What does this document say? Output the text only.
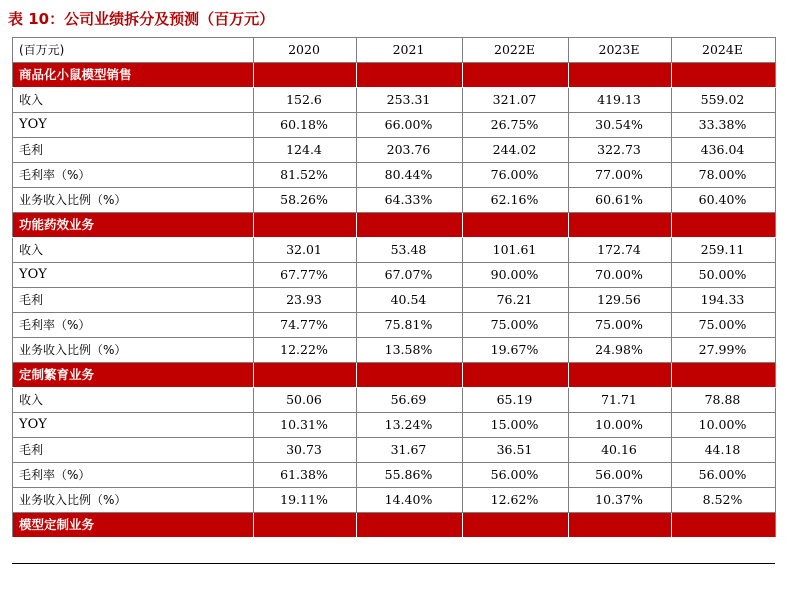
表 10：公司业绩拆分及预测（百万元）
(百万元)	2020	2021	2022E	2023E	2024E
商品化小鼠模型销售					
收入	152.6	253.31	321.07	419.13	559.02
YOY	60.18%	66.00%	26.75%	30.54%	33.38%
毛利	124.4	203.76	244.02	322.73	436.04
毛利率（%）	81.52%	80.44%	76.00%	77.00%	78.00%
业务收入比例（%）	58.26%	64.33%	62.16%	60.61%	60.40%
功能药效业务					
收入	32.01	53.48	101.61	172.74	259.11
YOY	67.77%	67.07%	90.00%	70.00%	50.00%
毛利	23.93	40.54	76.21	129.56	194.33
毛利率（%）	74.77%	75.81%	75.00%	75.00%	75.00%
业务收入比例（%）	12.22%	13.58%	19.67%	24.98%	27.99%
定制繁育业务					
收入	50.06	56.69	65.19	71.71	78.88
YOY	10.31%	13.24%	15.00%	10.00%	10.00%
毛利	30.73	31.67	36.51	40.16	44.18
毛利率（%）	61.38%	55.86%	56.00%	56.00%	56.00%
业务收入比例（%）	19.11%	14.40%	12.62%	10.37%	8.52%
模型定制业务					
